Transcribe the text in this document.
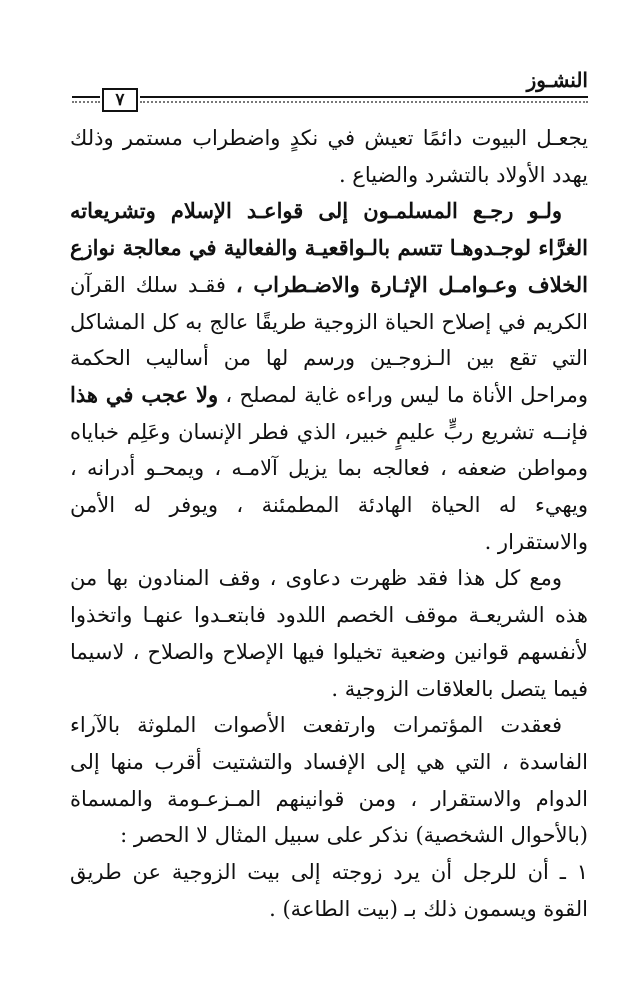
النشـوز
٧

يجعـل البيوت دائمًا تعيش في نكدٍ واضطراب مستمر وذلك يهدد الأولاد بالتشرد والضياع .

ولـو رجـع المسلمـون إلى قواعـد الإسلام وتشريعاته الغرَّاء لوجـدوهـا تتسم بالـواقعيـة والفعالية في معالجة نوازع الخلاف وعـوامـل الإثـارة والاضـطراب ، فقـد سلك القرآن الكريم في إصلاح الحياة الزوجية طريقًا عالج به كل المشاكل التي تقع بين الـزوجـين ورسم لها من أساليب الحكمة ومراحل الأناة ما ليس وراءه غاية لمصلح ، ولا عجب في هذا فإنــه تشريع ربٍّ عليمٍ خبير، الذي فطر الإنسان وعَلِم خباياه ومواطن ضعفه ، فعالجه بما يزيل آلامـه ، ويمحـو أدرانه ، ويهيء له الحياة الهادئة المطمئنة ، ويوفر له الأمن والاستقرار .

ومع كل هذا فقد ظهرت دعاوى ، وقف المنادون بها من هذه الشريعـة موقف الخصم اللدود فابتعـدوا عنهـا واتخذوا لأنفسهم قوانين وضعية تخيلوا فيها الإصلاح والصلاح ، لاسيما فيما يتصل بالعلاقات الزوجية .

فعقدت المؤتمرات وارتفعت الأصوات الملوثة بالآراء الفاسدة ، التي هي إلى الإفساد والتشتيت أقرب منها إلى الدوام والاستقرار ، ومن قوانينهم المـزعـومة والمسماة (بالأحوال الشخصية) نذكر على سبيل المثال لا الحصر :

١ ـ أن للرجل أن يرد زوجته إلى بيت الزوجية عن طريق القوة ويسمون ذلك بـ (بيت الطاعة) .
